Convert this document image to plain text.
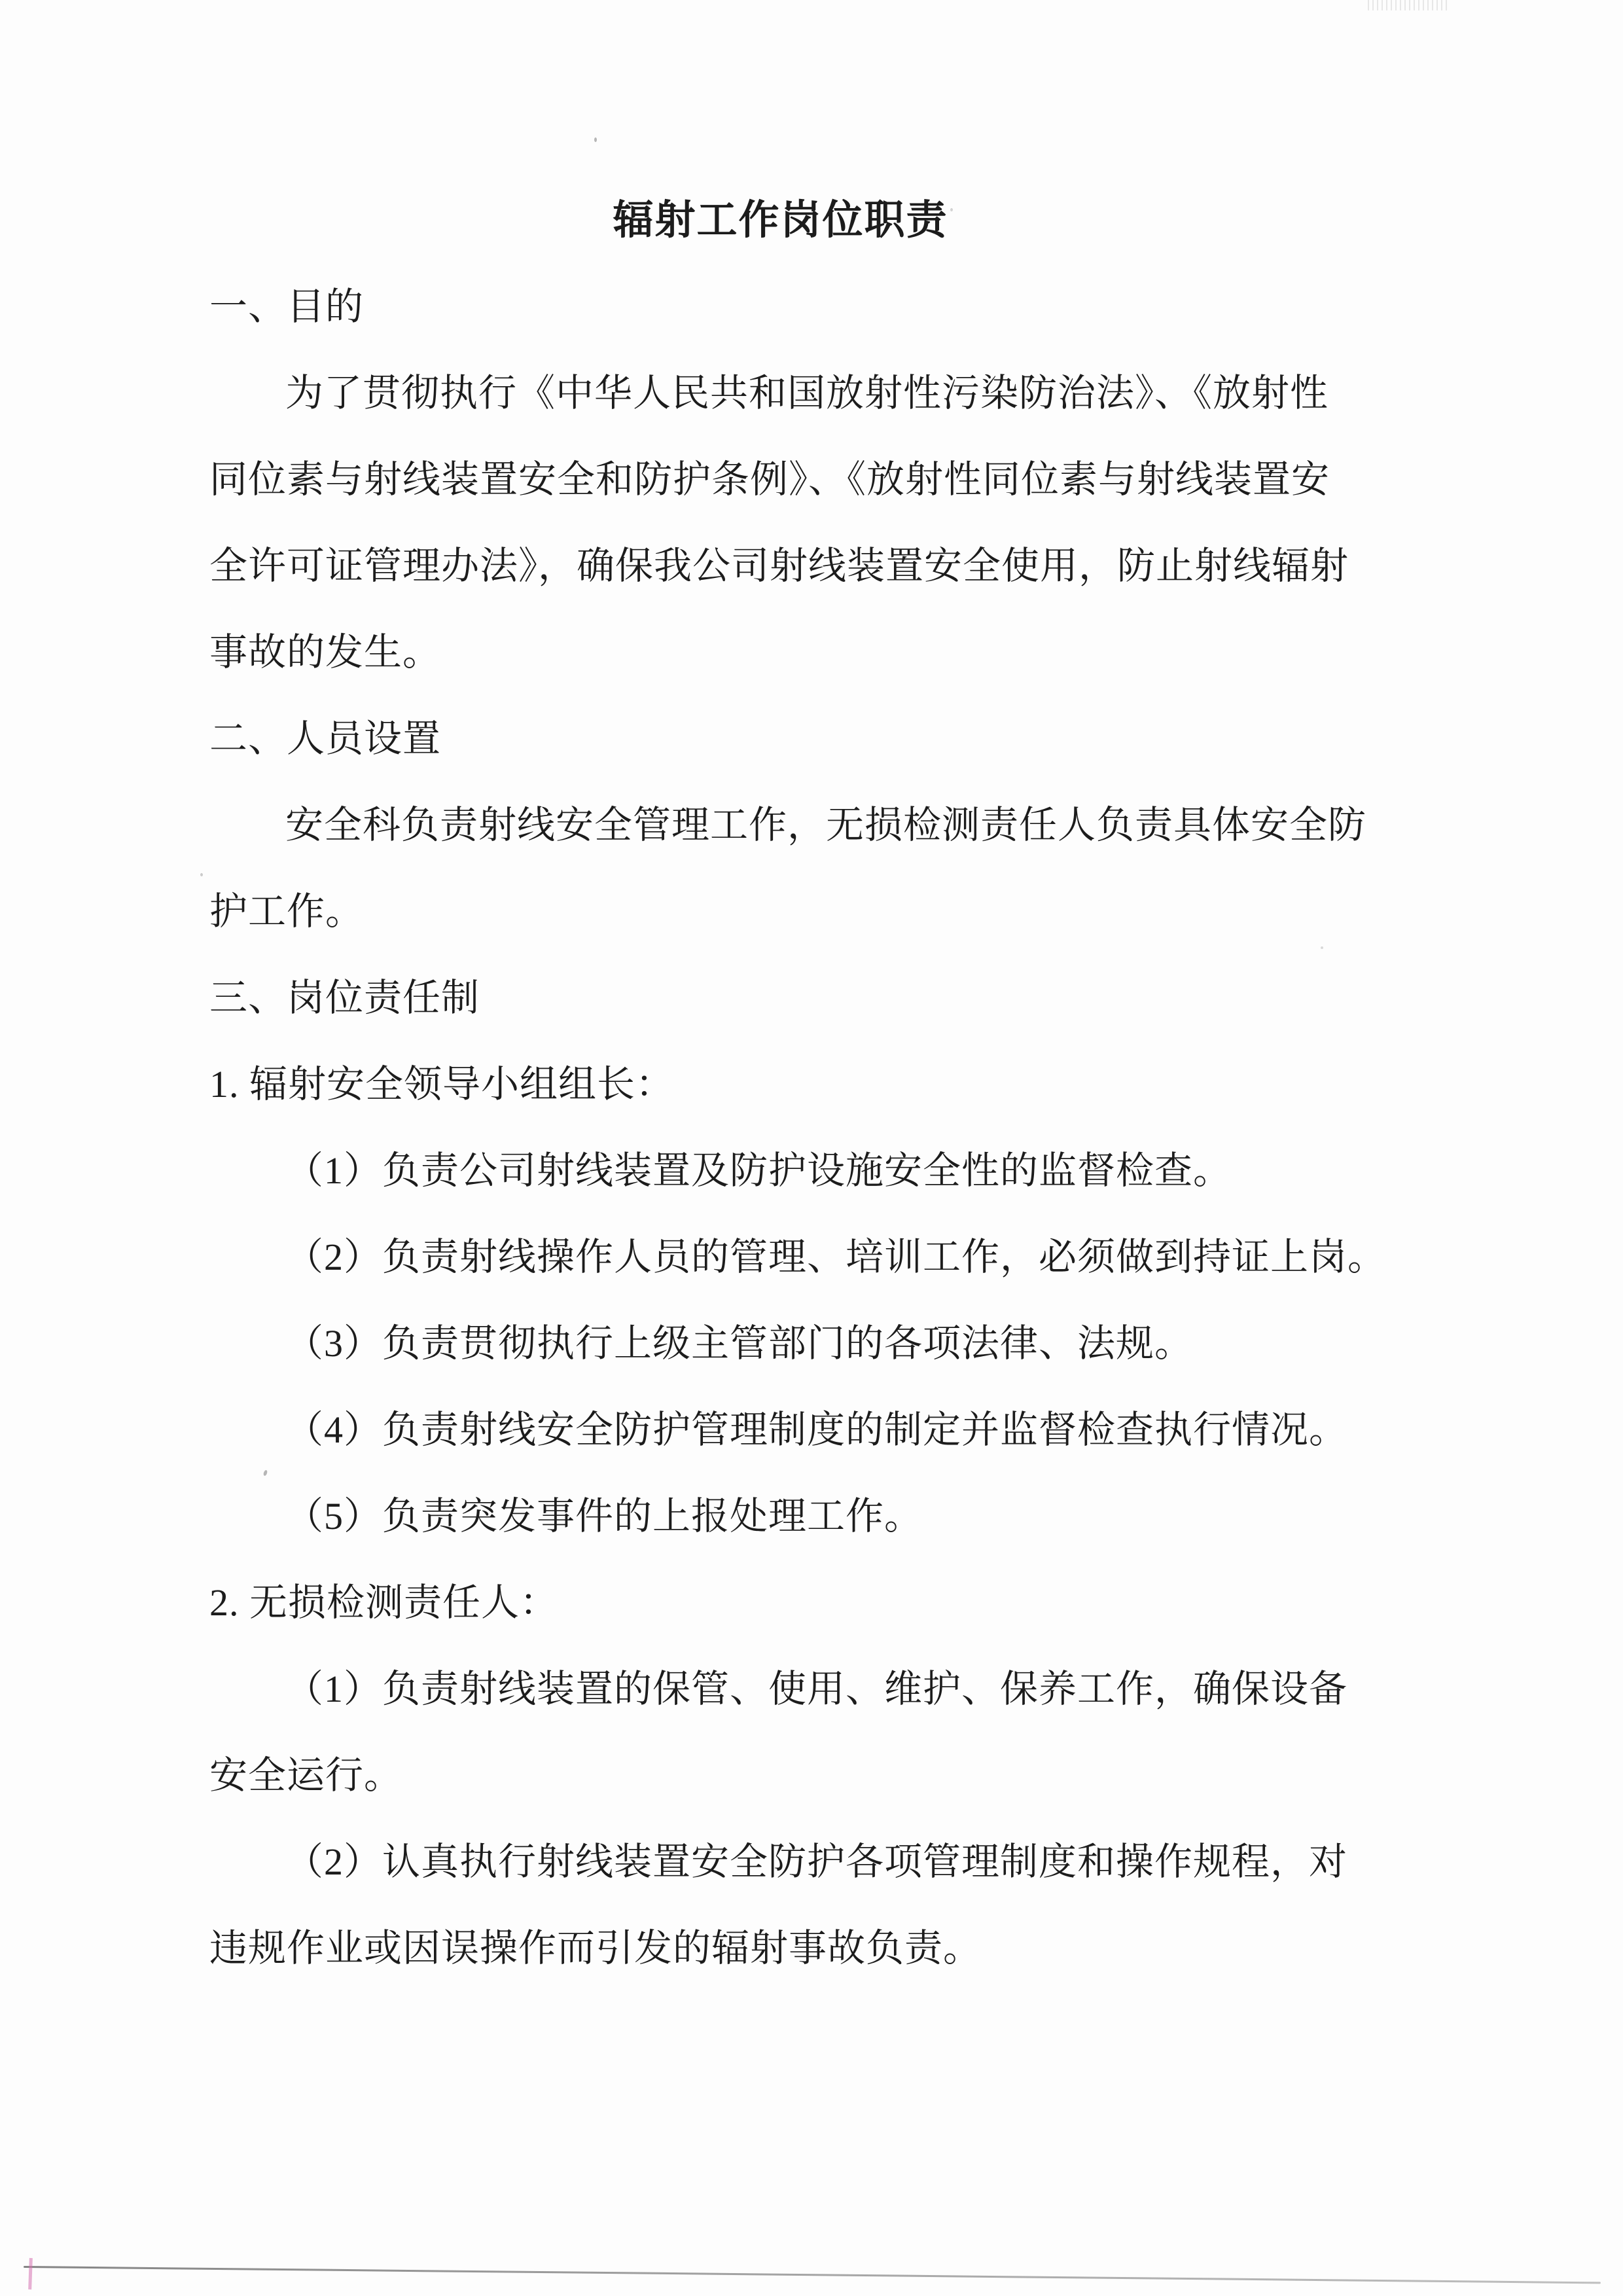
辐射工作岗位职责
一、目的
为了贯彻执行《中华人民共和国放射性污染防治法》、《放射性
同位素与射线装置安全和防护条例》、《放射性同位素与射线装置安
全许可证管理办法》，确保我公司射线装置安全使用，防止射线辐射
事故的发生。
二、人员设置
安全科负责射线安全管理工作，无损检测责任人负责具体安全防
护工作。
三、岗位责任制
1. 辐射安全领导小组组长：
（1）负责公司射线装置及防护设施安全性的监督检查。
（2）负责射线操作人员的管理、培训工作，必须做到持证上岗。
（3）负责贯彻执行上级主管部门的各项法律、法规。
（4）负责射线安全防护管理制度的制定并监督检查执行情况。
（5）负责突发事件的上报处理工作。
2. 无损检测责任人：
（1）负责射线装置的保管、使用、维护、保养工作，确保设备
安全运行。
（2）认真执行射线装置安全防护各项管理制度和操作规程，对
违规作业或因误操作而引发的辐射事故负责。
